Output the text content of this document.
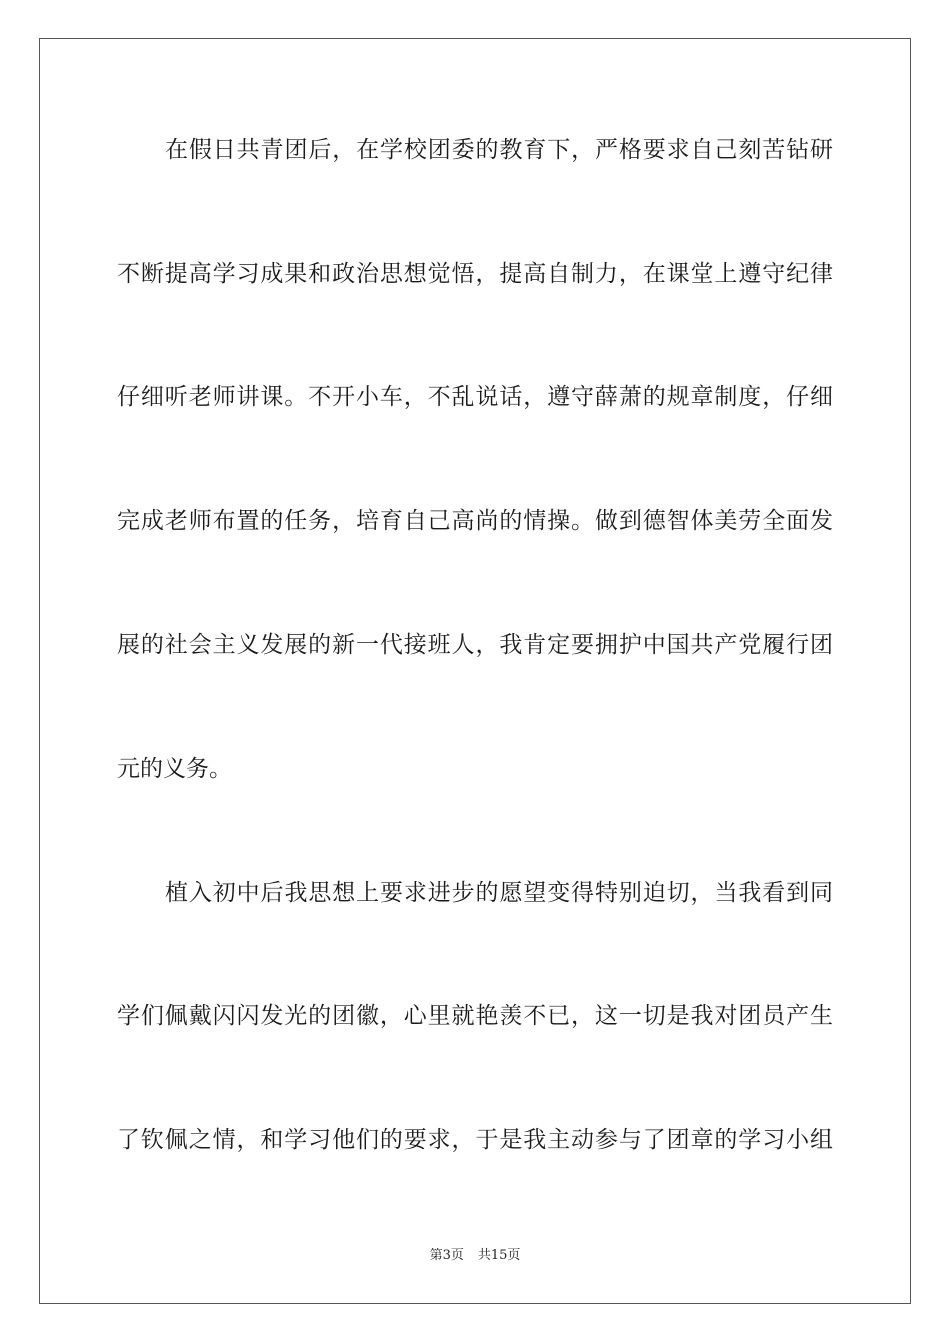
在假日共青团后，在学校团委的教育下，严格要求自己刻苦钻研
不断提高学习成果和政治思想觉悟，提高自制力，在课堂上遵守纪律
仔细听老师讲课。不开小车，不乱说话，遵守薛萧的规章制度，仔细
完成老师布置的任务，培育自己高尚的情操。做到德智体美劳全面发
展的社会主义发展的新一代接班人，我肯定要拥护中国共产党履行团
元的义务。
植入初中后我思想上要求进步的愿望变得特别迫切，当我看到同
学们佩戴闪闪发光的团徽，心里就艳羡不已，这一切是我对团员产生
了钦佩之情，和学习他们的要求，于是我主动参与了团章的学习小组
第3页 共15页
